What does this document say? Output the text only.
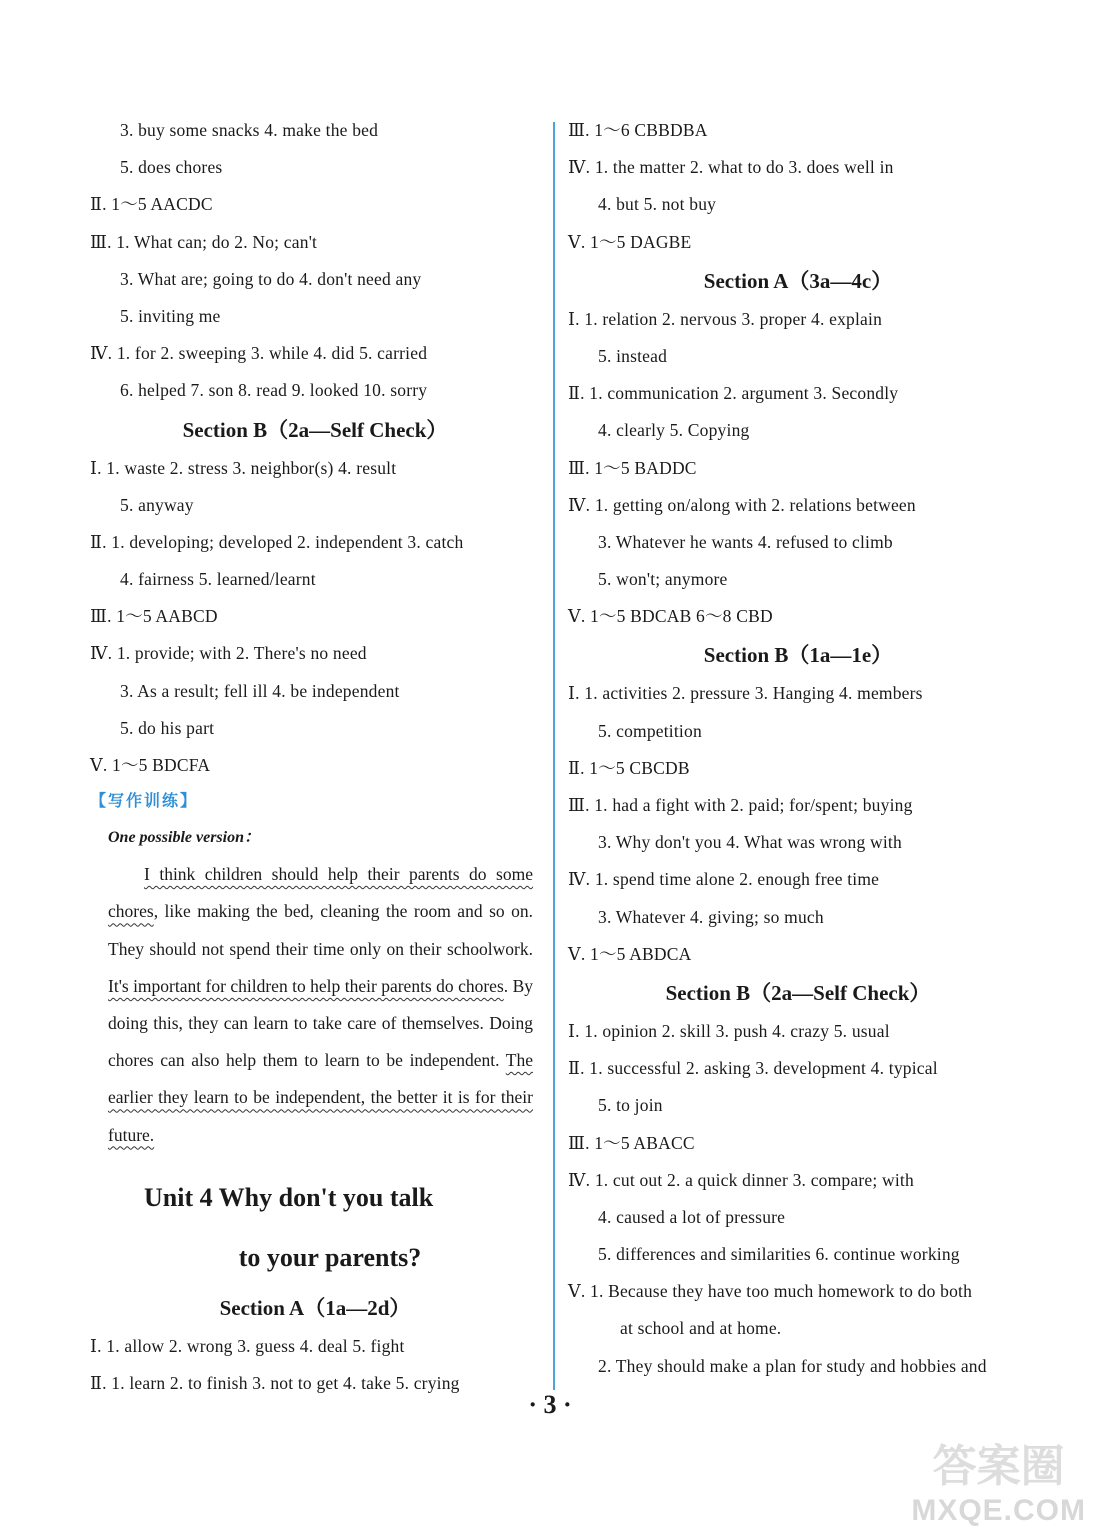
3. buy some snacks 4. make the bed
5. does chores
Ⅱ. 1～5 AACDC
Ⅲ. 1. What can; do 2. No; can't
3. What are; going to do 4. don't need any
5. inviting me
Ⅳ. 1. for 2. sweeping 3. while 4. did 5. carried
6. helped 7. son 8. read 9. looked 10. sorry
Section B（2a—Self Check）
Ⅰ. 1. waste 2. stress 3. neighbor(s) 4. result
5. anyway
Ⅱ. 1. developing; developed 2. independent 3. catch
4. fairness 5. learned/learnt
Ⅲ. 1～5 AABCD
Ⅳ. 1. provide; with 2. There's no need
3. As a result; fell ill 4. be independent
5. do his part
Ⅴ. 1～5 BDCFA
【写作训练】
One possible version：
I think children should help their parents do some chores, like making the bed, cleaning the room and so on. They should not spend their time only on their schoolwork. It's important for children to help their parents do chores. By doing this, they can learn to take care of themselves. Doing chores can also help them to learn to be independent. The earlier they learn to be independent, the better it is for their future.
Unit 4 Why don't you talk
to your parents?
Section A（1a—2d）
Ⅰ. 1. allow 2. wrong 3. guess 4. deal 5. fight
Ⅱ. 1. learn 2. to finish 3. not to get 4. take 5. crying
Ⅲ. 1～6 CBBDBA
Ⅳ. 1. the matter 2. what to do 3. does well in
4. but 5. not buy
Ⅴ. 1～5 DAGBE
Section A（3a—4c）
Ⅰ. 1. relation 2. nervous 3. proper 4. explain
5. instead
Ⅱ. 1. communication 2. argument 3. Secondly
4. clearly 5. Copying
Ⅲ. 1～5 BADDC
Ⅳ. 1. getting on/along with 2. relations between
3. Whatever he wants 4. refused to climb
5. won't; anymore
Ⅴ. 1～5 BDCAB 6～8 CBD
Section B（1a—1e）
Ⅰ. 1. activities 2. pressure 3. Hanging 4. members
5. competition
Ⅱ. 1～5 CBCDB
Ⅲ. 1. had a fight with 2. paid; for/spent; buying
3. Why don't you 4. What was wrong with
Ⅳ. 1. spend time alone 2. enough free time
3. Whatever 4. giving; so much
Ⅴ. 1～5 ABDCA
Section B（2a—Self Check）
Ⅰ. 1. opinion 2. skill 3. push 4. crazy 5. usual
Ⅱ. 1. successful 2. asking 3. development 4. typical
5. to join
Ⅲ. 1～5 ABACC
Ⅳ. 1. cut out 2. a quick dinner 3. compare; with
4. caused a lot of pressure
5. differences and similarities 6. continue working
Ⅴ. 1. Because they have too much homework to do both
at school and at home.
2. They should make a plan for study and hobbies and
· 3 ·
答案圈
MXQE.COM
